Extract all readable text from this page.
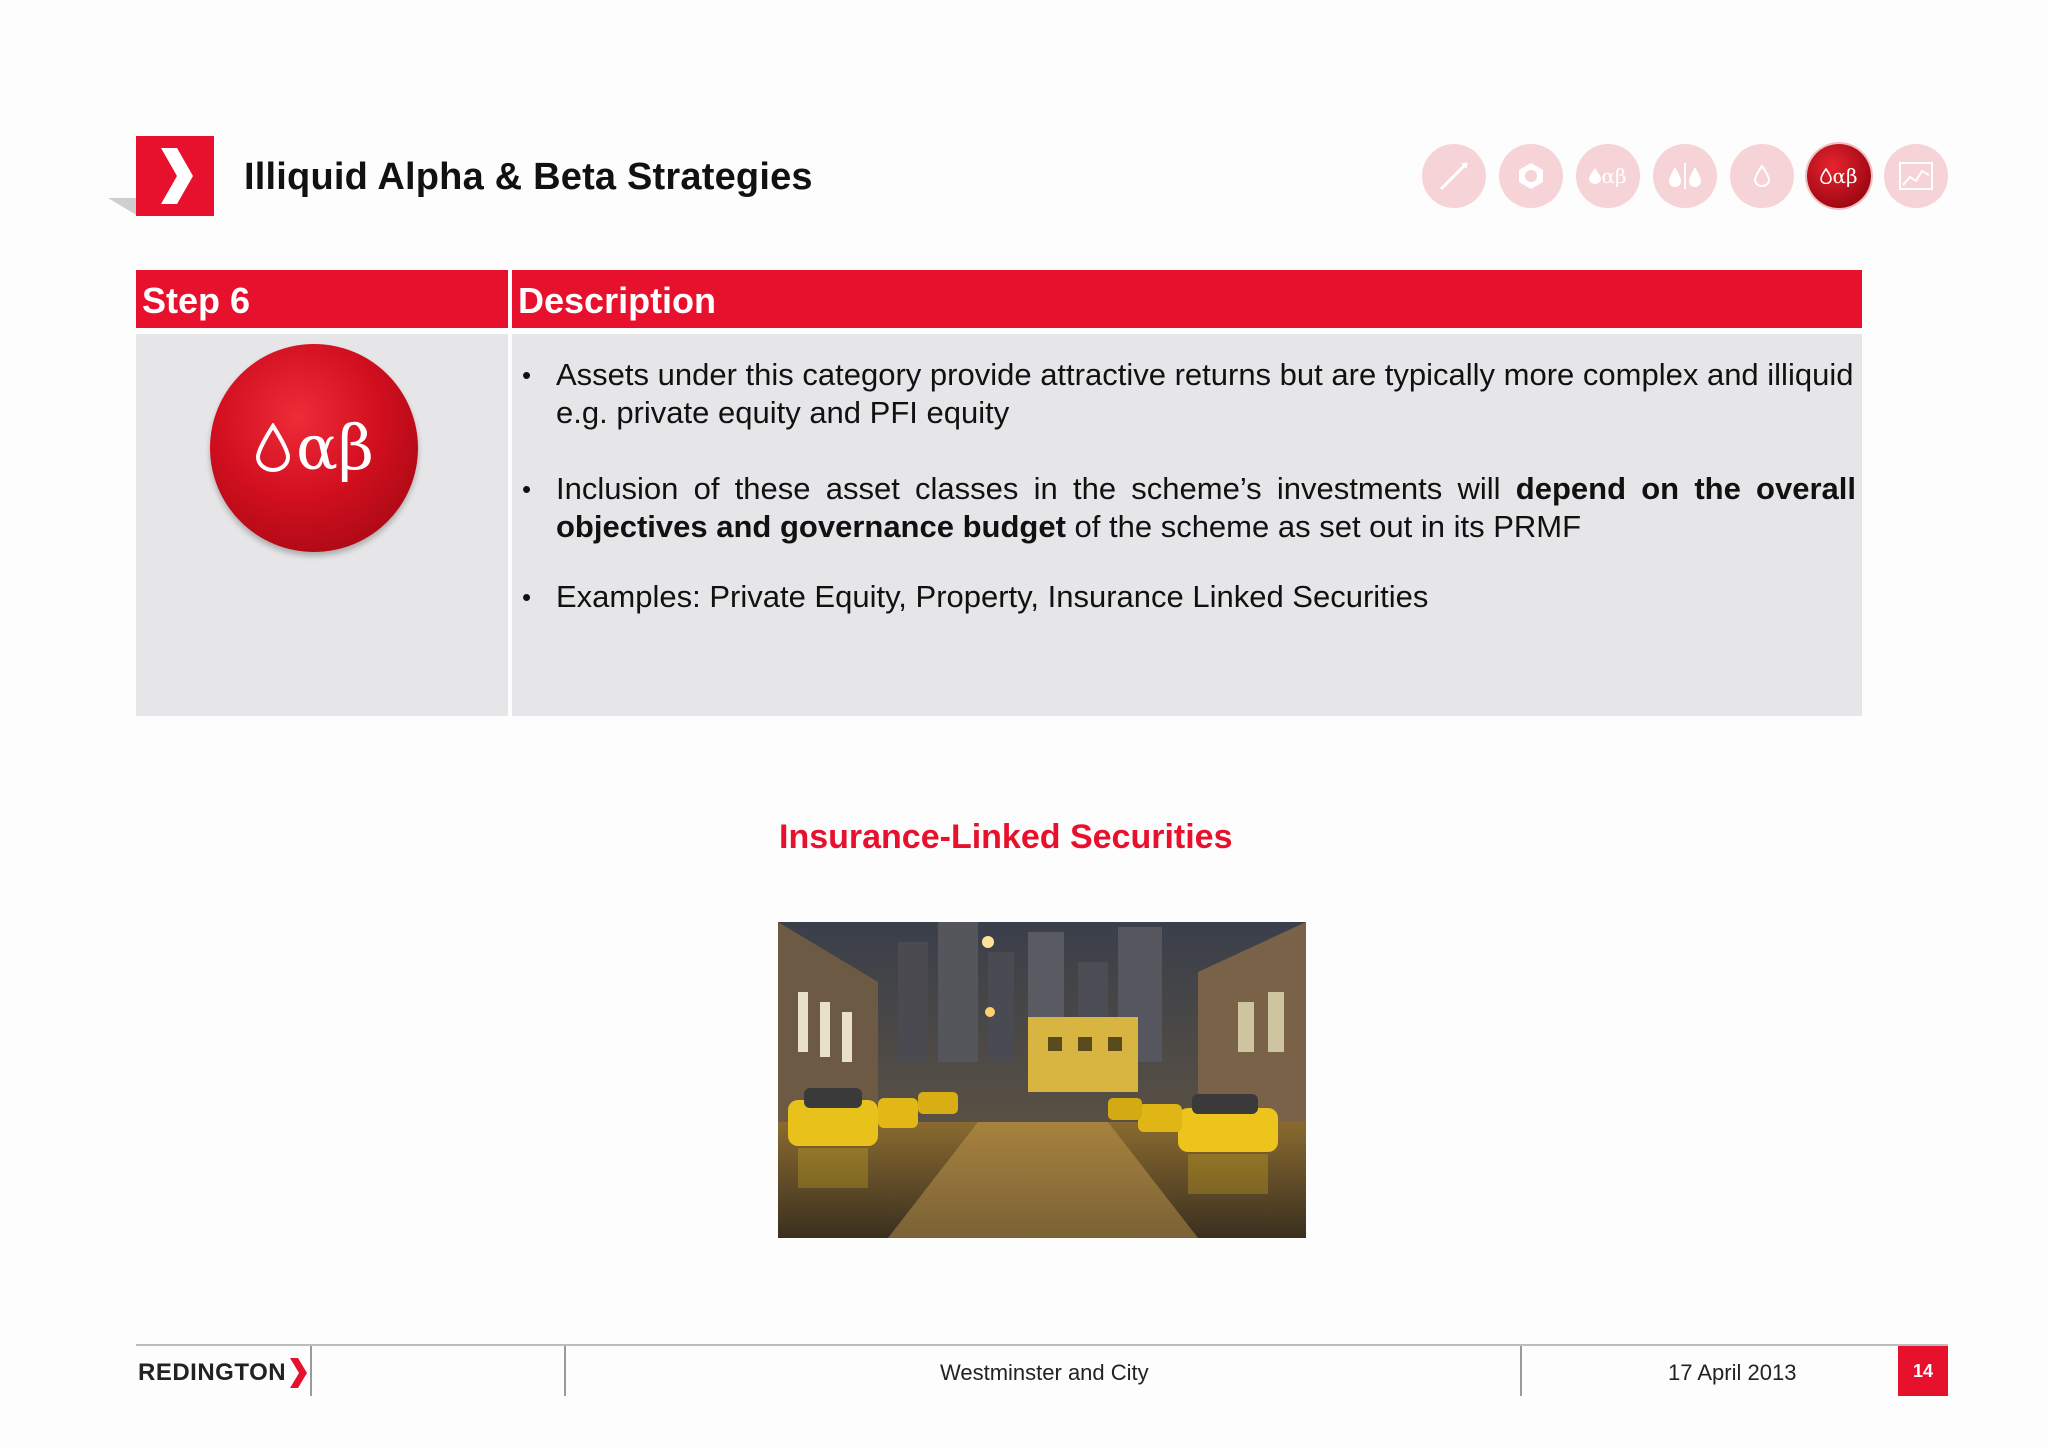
Illiquid Alpha & Beta Strategies	αβ	αβ
Step 6	Description
αβ
• Assets under this category provide attractive returns but are typically more complex and illiquid e.g. private equity and PFI equity
• Inclusion of these asset classes in the scheme’s investments will depend on the overall objectives and governance budget of the scheme as set out in its PRMF
• Examples: Private Equity, Property, Insurance Linked Securities
Insurance-Linked Securities
REDINGTON	Westminster and City	17 April 2013	14
